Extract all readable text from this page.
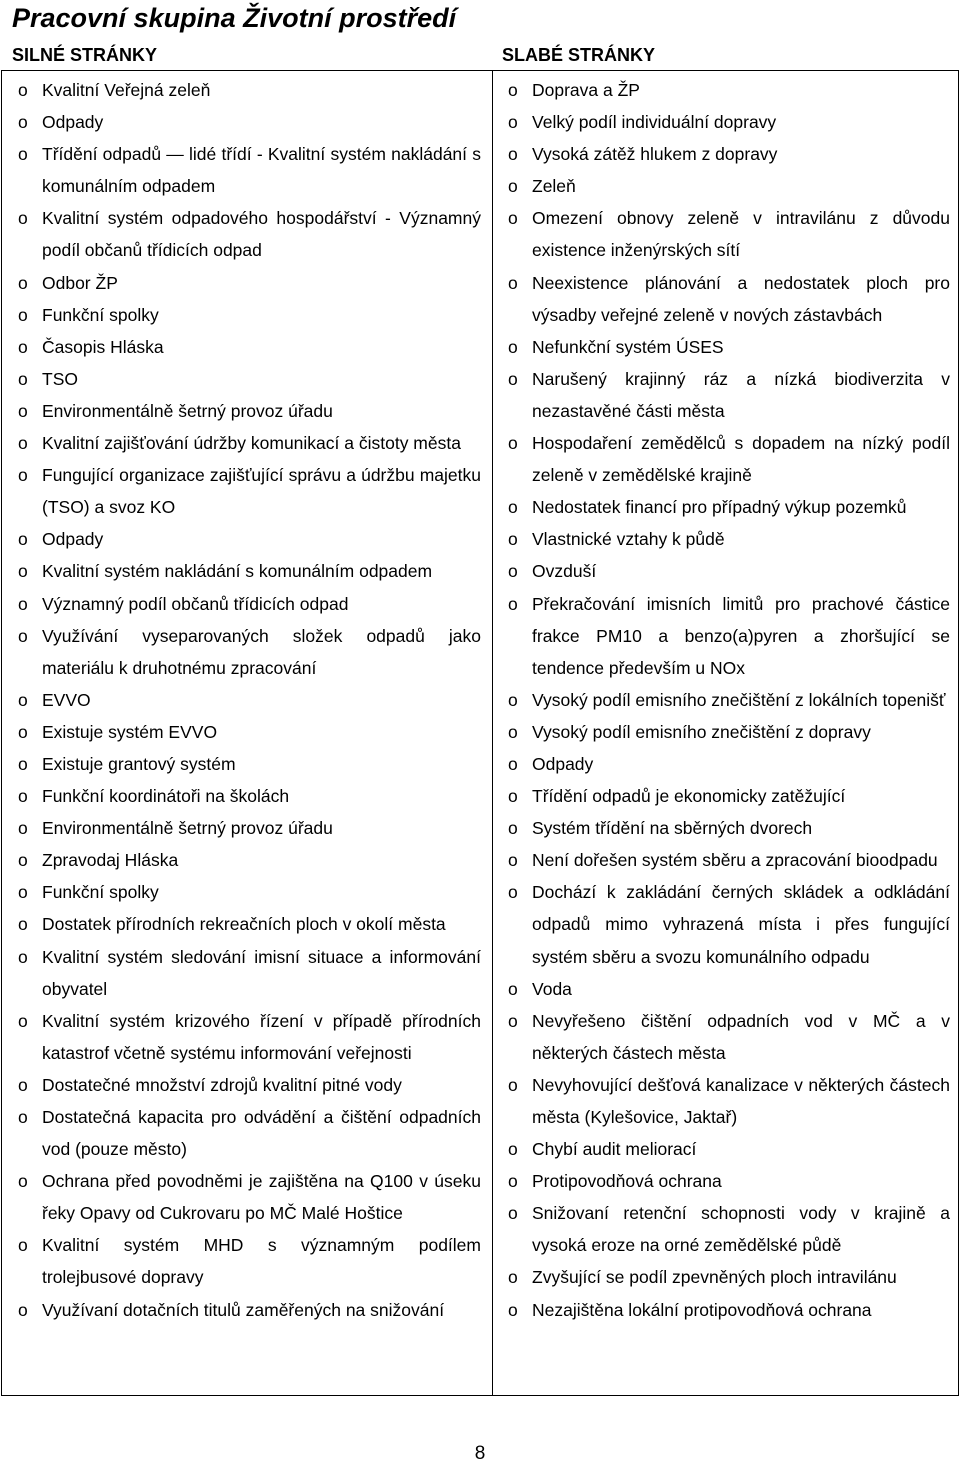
Pracovní skupina Životní prostředí
SILNÉ STRÁNKY	SLABÉ STRÁNKY
o Kvalitní Veřejná zeleň
o Odpady
o Třídění odpadů — lidé třídí - Kvalitní systém nakládání s komunálním odpadem
o Kvalitní systém odpadového hospodářství - Významný podíl občanů třídicích odpad
o Odbor ŽP
o Funkční spolky
o Časopis Hláska
o TSO
o Environmentálně šetrný provoz úřadu
o Kvalitní zajišťování údržby komunikací a čistoty města
o Fungující organizace zajišťující správu a údržbu majetku (TSO) a svoz KO
o Odpady
o Kvalitní systém nakládání s komunálním odpadem
o Významný podíl občanů třídicích odpad
o Využívání vyseparovaných složek odpadů jako materiálu k druhotnému zpracování
o EVVO
o Existuje systém EVVO
o Existuje grantový systém
o Funkční koordinátoři na školách
o Environmentálně šetrný provoz úřadu
o Zpravodaj Hláska
o Funkční spolky
o Dostatek přírodních rekreačních ploch v okolí města
o Kvalitní systém sledování imisní situace a informování obyvatel
o Kvalitní systém krizového řízení v případě přírodních katastrof včetně systému informování veřejnosti
o Dostatečné množství zdrojů kvalitní pitné vody
o Dostatečná kapacita pro odvádění a čištění odpadních vod (pouze město)
o Ochrana před povodněmi je zajištěna na Q100 v úseku řeky Opavy od Cukrovaru po MČ Malé Hoštice
o Kvalitní systém MHD s významným podílem trolejbusové dopravy
o Využívaní dotačních titulů zaměřených na snižování
o Doprava a ŽP
o Velký podíl individuální dopravy
o Vysoká zátěž hlukem z dopravy
o Zeleň
o Omezení obnovy zeleně v intravilánu z důvodu existence inženýrských sítí
o Neexistence plánování a nedostatek ploch pro výsadby veřejné zeleně v nových zástavbách
o Nefunkční systém ÚSES
o Narušený krajinný ráz a nízká biodiverzita v nezastavěné části města
o Hospodaření zemědělců s dopadem na nízký podíl zeleně v zemědělské krajině
o Nedostatek financí pro případný výkup pozemků
o Vlastnické vztahy k půdě
o Ovzduší
o Překračování imisních limitů pro prachové částice frakce PM10 a benzo(a)pyren a zhoršující se tendence především u NOx
o Vysoký podíl emisního znečištění z lokálních topenišť
o Vysoký podíl emisního znečištění z dopravy
o Odpady
o Třídění odpadů je ekonomicky zatěžující
o Systém třídění na sběrných dvorech
o Není dořešen systém sběru a zpracování bioodpadu
o Dochází k zakládání černých skládek a odkládání odpadů mimo vyhrazená místa i přes fungující systém sběru a svozu komunálního odpadu
o Voda
o Nevyřešeno čištění odpadních vod v MČ a v některých částech města
o Nevyhovující dešťová kanalizace v některých částech města (Kylešovice, Jaktař)
o Chybí audit meliorací
o Protipovodňová ochrana
o Snižovaní retenční schopnosti vody v krajině a vysoká eroze na orné zemědělské půdě
o Zvyšující se podíl zpevněných ploch intravilánu
o Nezajištěna lokální protipovodňová ochrana
8
